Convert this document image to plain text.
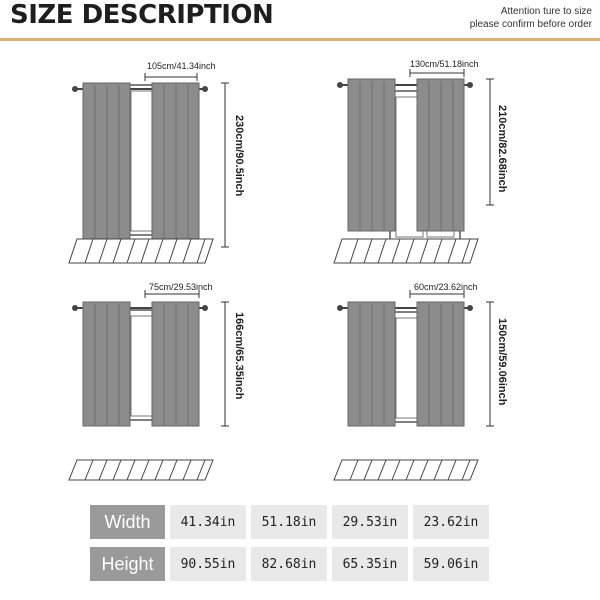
SIZE DESCRIPTION	Attention ture to size
please confirm before order
105cm/41.34inch
230cm/90.5inch
130cm/51.18inch
210cm/82.68inch
75cm/29.53inch
166cm/65.35inch
60cm/23.62inch
150cm/59.06inch
Width	41.34in	51.18in	29.53in	23.62in
Height	90.55in	82.68in	65.35in	59.06in
